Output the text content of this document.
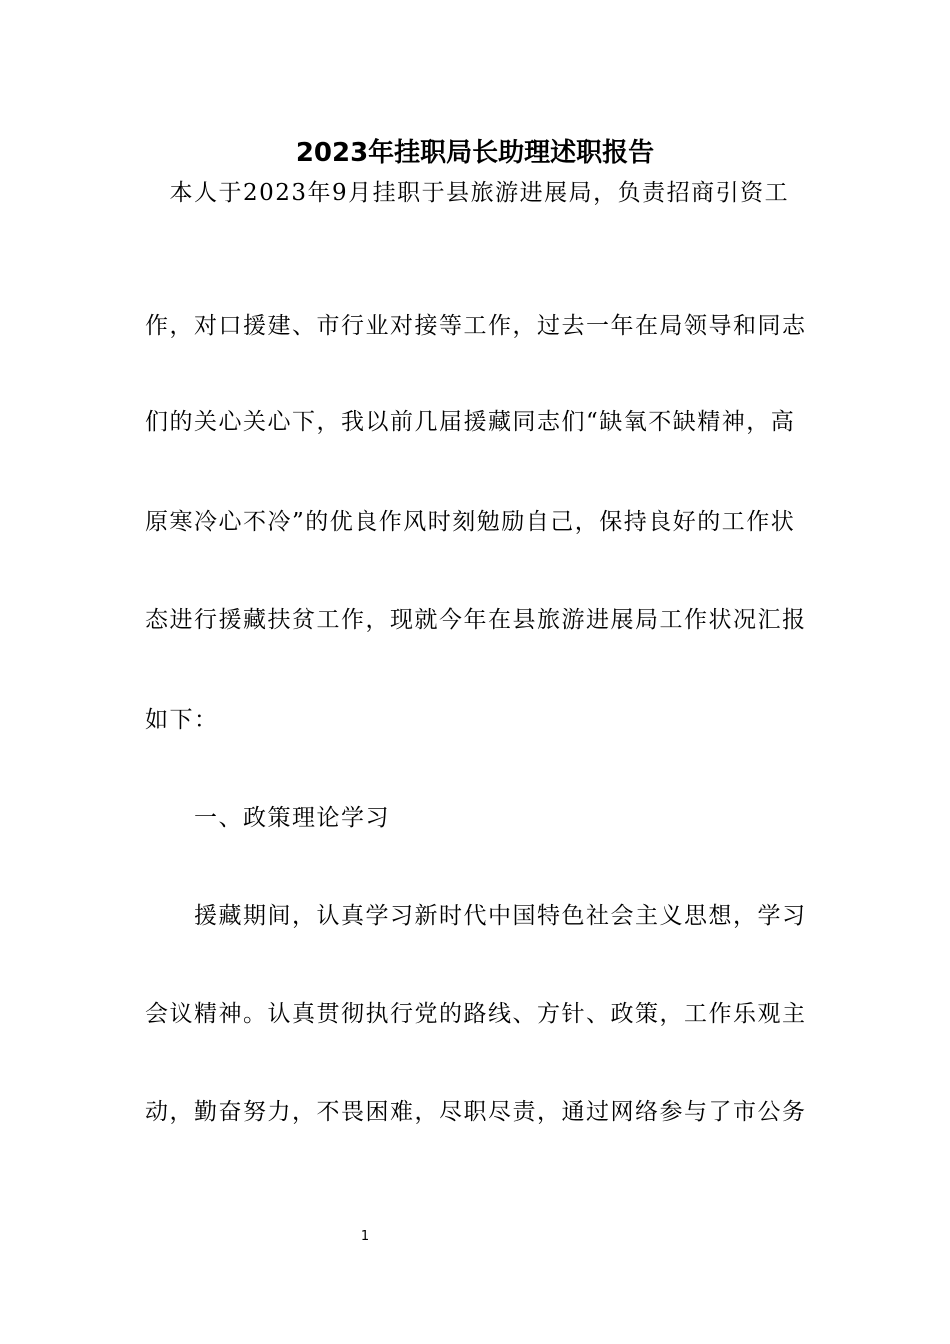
2023年挂职局长助理述职报告
　本人于2023年9月挂职于县旅游进展局，负责招商引资工
作，对口援建、市行业对接等工作，过去一年在局领导和同志
们的关心关心下，我以前几届援藏同志们“缺氧不缺精神，高
原寒冷心不冷”的优良作风时刻勉励自己，保持良好的工作状
态进行援藏扶贫工作，现就今年在县旅游进展局工作状况汇报
如下：
　　一、政策理论学习
　　援藏期间，认真学习新时代中国特色社会主义思想，学习
会议精神。认真贯彻执行党的路线、方针、政策，工作乐观主
动，勤奋努力，不畏困难，尽职尽责，通过网络参与了市公务
1
